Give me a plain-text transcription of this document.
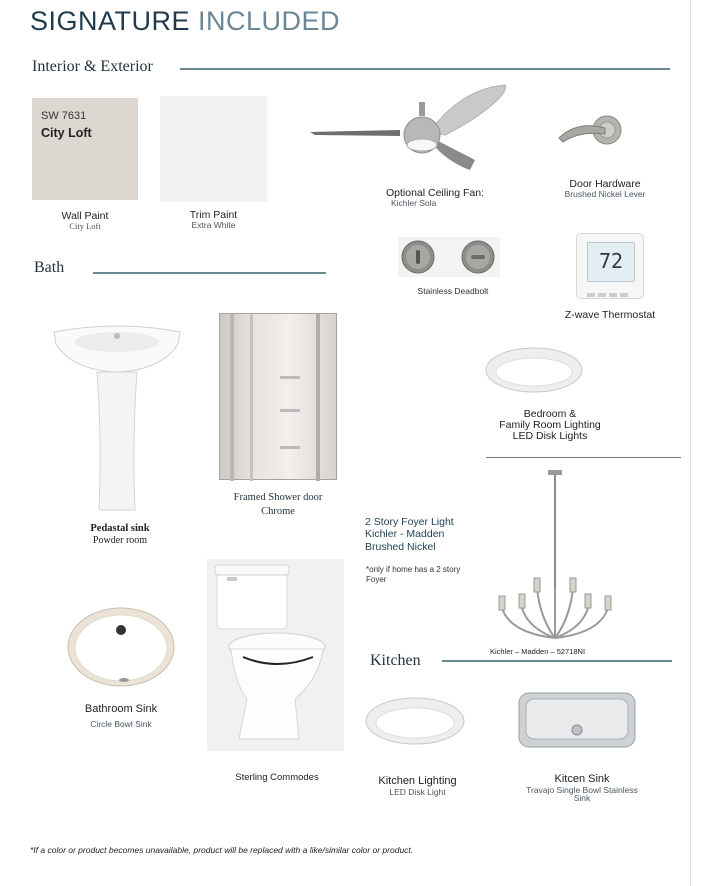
SIGNATURE INCLUDED
Interior & Exterior
SW 7631
City Loft
Wall Paint
City Loft
Trim Paint
Extra White
Optional Ceiling Fan:
Kichler Sola
Door Hardware
Brushed Nickel Lever
Stainless Deadbolt
72
Z-wave Thermostat
Bath
Bedroom &
Family Room Lighting
LED Disk Lights
Pedastal sink
Powder room
Framed Shower door
Chrome
2 Story Foyer Light
Kichler - Madden
Brushed Nickel
*only if home has a 2 story
Foyer
Kichler – Madden – 52718NI
Bathroom Sink
Circle Bowl Sink
Sterling Commodes
Kitchen
Kitchen Lighting
LED Disk Light
Kitcen Sink
Travajo Single Bowl Stainless
Sink
*If a color or product becomes unavailable, product will be replaced with a like/similar color or product.
